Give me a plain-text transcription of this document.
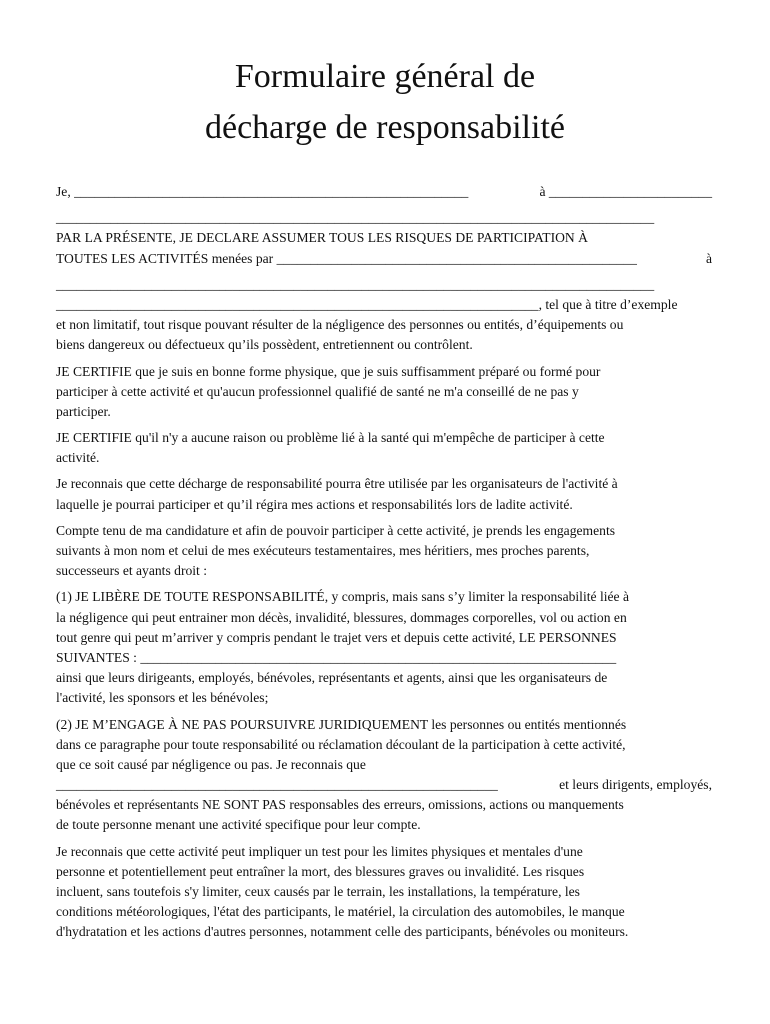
Formulaire général de
décharge de responsabilité
Je, __________________________________________________________	à ________________________
________________________________________________________________________________________
PAR LA PRÉSENTE, JE DECLARE ASSUMER TOUS LES RISQUES DE PARTICIPATION À
TOUTES LES ACTIVITÉS menées par _____________________________________________________	à
________________________________________________________________________________________
_______________________________________________________________________, tel que à titre d’exemple
et non limitatif, tout risque pouvant résulter de la négligence des personnes ou entités, d’équipements ou
biens dangereux ou défectueux qu’ils possèdent, entretiennent ou contrôlent.
JE CERTIFIE que je suis en bonne forme physique, que je suis suffisamment préparé ou formé pour
participer à cette activité et qu'aucun professionnel qualifié de santé ne m'a conseillé de ne pas y
participer.
JE CERTIFIE qu'il n'y a aucune raison ou problème lié à la santé qui m'empêche de participer à cette
activité.
Je reconnais que cette décharge de responsabilité pourra être utilisée par les organisateurs de l'activité à
laquelle je pourrai participer et qu’il régira mes actions et responsabilités lors de ladite activité.
Compte tenu de ma candidature et afin de pouvoir participer à cette activité, je prends les engagements
suivants à mon nom et celui de mes exécuteurs testamentaires, mes héritiers, mes proches parents,
successeurs et ayants droit :
(1) JE LIBÈRE DE TOUTE RESPONSABILITÉ, y compris, mais sans s’y limiter la responsabilité liée à
la négligence qui peut entrainer mon décès, invalidité, blessures, dommages corporelles, vol ou action en
tout genre qui peut m’arriver y compris pendant le trajet vers et depuis cette activité, LE PERSONNES
SUIVANTES : ______________________________________________________________________
ainsi que leurs dirigeants, employés, bénévoles, représentants et agents, ainsi que les organisateurs de
l'activité, les sponsors et les bénévoles;
(2) JE M’ENGAGE À NE PAS POURSUIVRE JURIDIQUEMENT les personnes ou entités mentionnés
dans ce paragraphe pour toute responsabilité ou réclamation découlant de la participation à cette activité,
que ce soit causé par négligence ou pas. Je reconnais que
_________________________________________________________________	et leurs dirigents, employés,
bénévoles et représentants NE SONT PAS responsables des erreurs, omissions, actions ou manquements
de toute personne menant une activité specifique pour leur compte.
Je reconnais que cette activité peut impliquer un test pour les limites physiques et mentales d'une
personne et potentiellement peut entraîner la mort, des blessures graves ou invalidité. Les risques
incluent, sans toutefois s'y limiter, ceux causés par le terrain, les installations, la température, les
conditions météorologiques, l'état des participants, le matériel, la circulation des automobiles, le manque
d'hydratation et les actions d'autres personnes, notamment celle des participants, bénévoles ou moniteurs.
